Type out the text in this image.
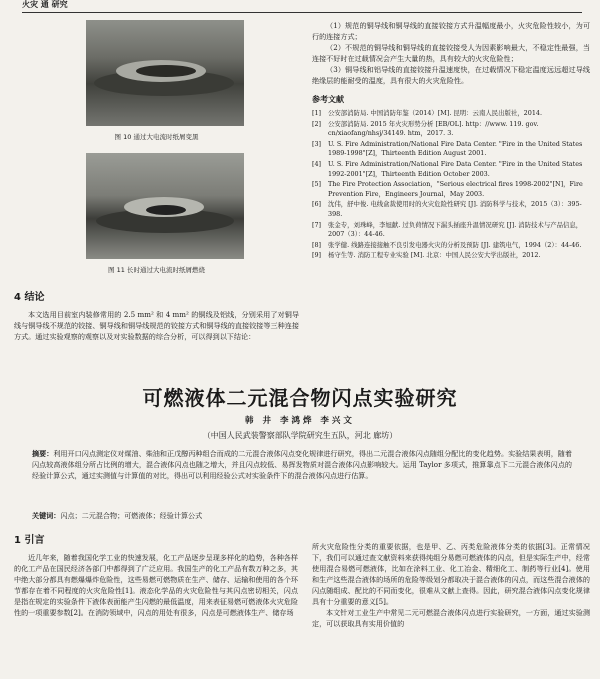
火灾 通 研究
图 10 通过大电流时纸屑变黑
图 11 长时通过大电流时纸屑燃烧
4 结论

本文选用目前室内装修常用的 2.5 mm² 和 4 mm² 的铜线及铝线，分别采用了对铜导线与铜导线不规范的铰接、铜导线和铜导线规范的铰接方式和铜导线的直接铰接等三种连接方式。通过实验观察的观察以及对实验数据的综合分析，可以得到以下结论：

（1）规范的铜导线和铜导线的直接铰接方式升温幅度最小，火灾危险性较小，为可行的连接方式；

（2）不规范的铜导线和铜导线的直接铰接受人为因素影响最大，不稳定性最强，当连接不好时在过载情况会产生大量的热，具有较大的火灾危险性；

（3）铜导线和铝导线的直接铰接升温速度快，在过载情况下稳定温度远远超过导线绝缘层的能耐受的温度，具有很大的火灾危险性。

参考文献
[1]	公安部消防局. 中国消防年鉴（2014）[M]. 昆明：云南人民出版社，2014.
[2]	公安部消防局. 2015 年火灾形势分析 [EB/OL]. http：//www. 119. gov. cn/xiaofang/nhsj/34149. htm，2017. 3.
[3]	U. S. Fire Administration/National Fire Data Center. "Fire in the United States 1989-1998"[Z]，Thirteenth Edition August 2001.
[4]	U. S. Fire Administration/National Fire Data Center. "Fire in the United States 1992-2001"[Z]，Thirteenth Edition October 2003.
[5]	The Fire Protection Association，"Serious electrical fires 1998-2002"[N]，Fire Prevention Fire，Engineers Journal，May 2003.
[6]	沈伟，舒中俊. 电线盒裁使用时的火灾危险性研究 [J]. 消防科学与技术，2015（3）：395-398.
[7]	张金专，刘珠峰，李旭献. 过负荷情况下漏头插座升温情况研究 [J]. 消防技术与产品信息，2007（3）：44-46.
[8]	张学健. 线路连接接触不良引发电器火灾的分析及预防 [J]. 建筑电气，1994（2）：44-46.
[9]	杨守生等. 消防工程专业实验 [M]. 北京：中国人民公安大学出版社，2012.
可燃液体二元混合物闪点实验研究
韩 井 李鸿烨 李兴文
（中国人民武装警察部队学院研究生五队，河北 廊坊）
摘要：利用开口闪点测定仪对煤油、柴油和正戊醇丙种组合而成的二元混合液体闪点变化规律进行研究，得出二元混合液体闪点随组分配比的变化趋势。实验结果表明，随着闪点较高液体组分所占比例的增大，混合液体闪点也随之增大，并且闪点较低、易挥发物质对混合液体闪点影响较大。运用 Taylor 多项式，推算靠点下二元混合液体闪点的经验计算公式，通过实测值与计算值的对比，得出可以利用经验公式对实验条件下的混合液体闪点进行估算。
关键词：闪点；二元混合物；可燃液体；经验计算公式
1 引言

近几年来，随着我国化学工业的快速发展，化工产品逐步呈现多样化的趋势，各种各样的化工产品在国民经济各部门中都得到了广泛应用。我国生产的化工产品有数万种之多，其中绝大部分都具有燃爆爆炸危险性，这些易燃可燃物质在生产、储存、运输和使用的各个环节都存在着不同程度的火灾危险性[1]。液态化学品的火灾危险性与其闪点密切相关，闪点是指在规定的实验条件下液体表面能产生闪燃的最低温度，用来表征易燃可燃液体火灾危险性的一项重要参数[2]。在消防领域中，闪点的用处有很多，闪点是可燃液体生产、储存场

所火灾危险性分类的重要依据，也是甲、乙、丙类危险液体分类的依据[3]。正常情况下，我们可以通过查文献资料来获得纯组分易燃可燃液体的闪点，但是实际生产中，经常使用混合易燃可燃液体，比如在涂料工业、化工冶金、精细化工、制药等行业[4]。使用和生产这些混合液体的场所的危险等级划分都取决于混合液体的闪点，而这些混合液体的闪点随组成、配比的不同而变化，很难从文献上查得。因此，研究混合液体闪点变化规律具有十分重要的意义[5]。

本文针对工业生产中常见二元可燃混合液体闪点进行实验研究，一方面，通过实验测定，可以获取具有实用价值的
